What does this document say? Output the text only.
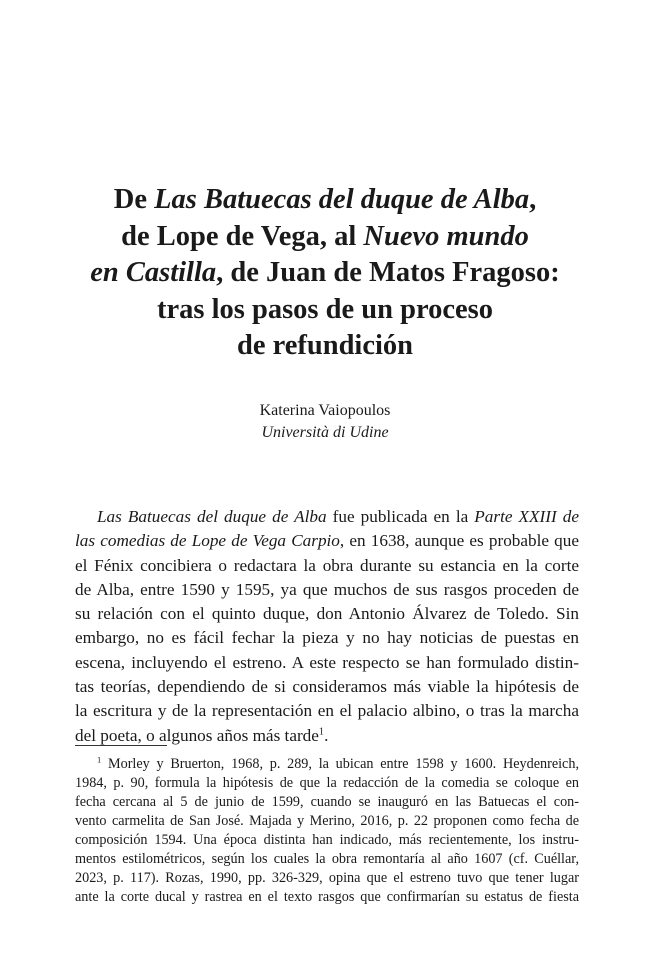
De Las Batuecas del duque de Alba,
de Lope de Vega, al Nuevo mundo
en Castilla, de Juan de Matos Fragoso:
tras los pasos de un proceso
de refundición
Katerina Vaiopoulos
Università di Udine
Las Batuecas del duque de Alba fue publicada en la Parte XXIII de
las comedias de Lope de Vega Carpio, en 1638, aunque es probable que
el Fénix concibiera o redactara la obra durante su estancia en la corte
de Alba, entre 1590 y 1595, ya que muchos de sus rasgos proceden de
su relación con el quinto duque, don Antonio Álvarez de Toledo. Sin
embargo, no es fácil fechar la pieza y no hay noticias de puestas en
escena, incluyendo el estreno. A este respecto se han formulado distin-
tas teorías, dependiendo de si consideramos más viable la hipótesis de
la escritura y de la representación en el palacio albino, o tras la marcha
del poeta, o algunos años más tarde$^1$.
$^1$ Morley y Bruerton, 1968, p. 289, la ubican entre 1598 y 1600. Heydenreich,
1984, p. 90, formula la hipótesis de que la redacción de la comedia se coloque en
fecha cercana al 5 de junio de 1599, cuando se inauguró en las Batuecas el con-
vento carmelita de San José. Majada y Merino, 2016, p. 22 proponen como fecha de
composición 1594. Una época distinta han indicado, más recientemente, los instru-
mentos estilométricos, según los cuales la obra remontaría al año 1607 (cf. Cuéllar,
2023, p. 117). Rozas, 1990, pp. 326-329, opina que el estreno tuvo que tener lugar
ante la corte ducal y rastrea en el texto rasgos que confirmarían su estatus de fiesta
